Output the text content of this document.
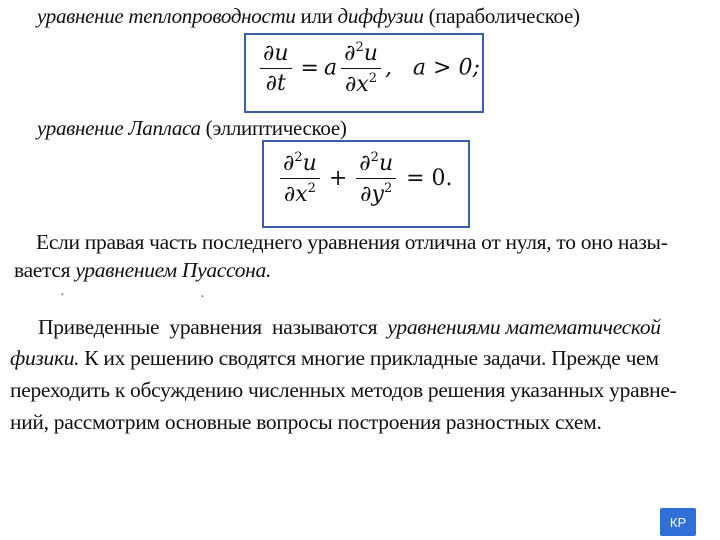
уравнение теплопроводности или диффузии (параболическое)
$\frac{\partial u}{\partial t} = a \frac{\partial^2u}{\partial x^2}$ ,   a > 0;
уравнение Лапласа (эллиптическое)
$\frac{\partial^2u}{\partial x^2} + \frac{\partial^2u}{\partial y^2} = 0$.
Если правая часть последнего уравнения отлична от нуля, то оно назы-
вается уравнением Пуассона.
·	·
Приведенные  уравнения  называются  уравнениями математической
физики. К их решению сводятся многие прикладные задачи. Прежде чем
переходить к обсуждению численных методов решения указанных уравне-
ний, рассмотрим основные вопросы построения разностных схем.
КР
